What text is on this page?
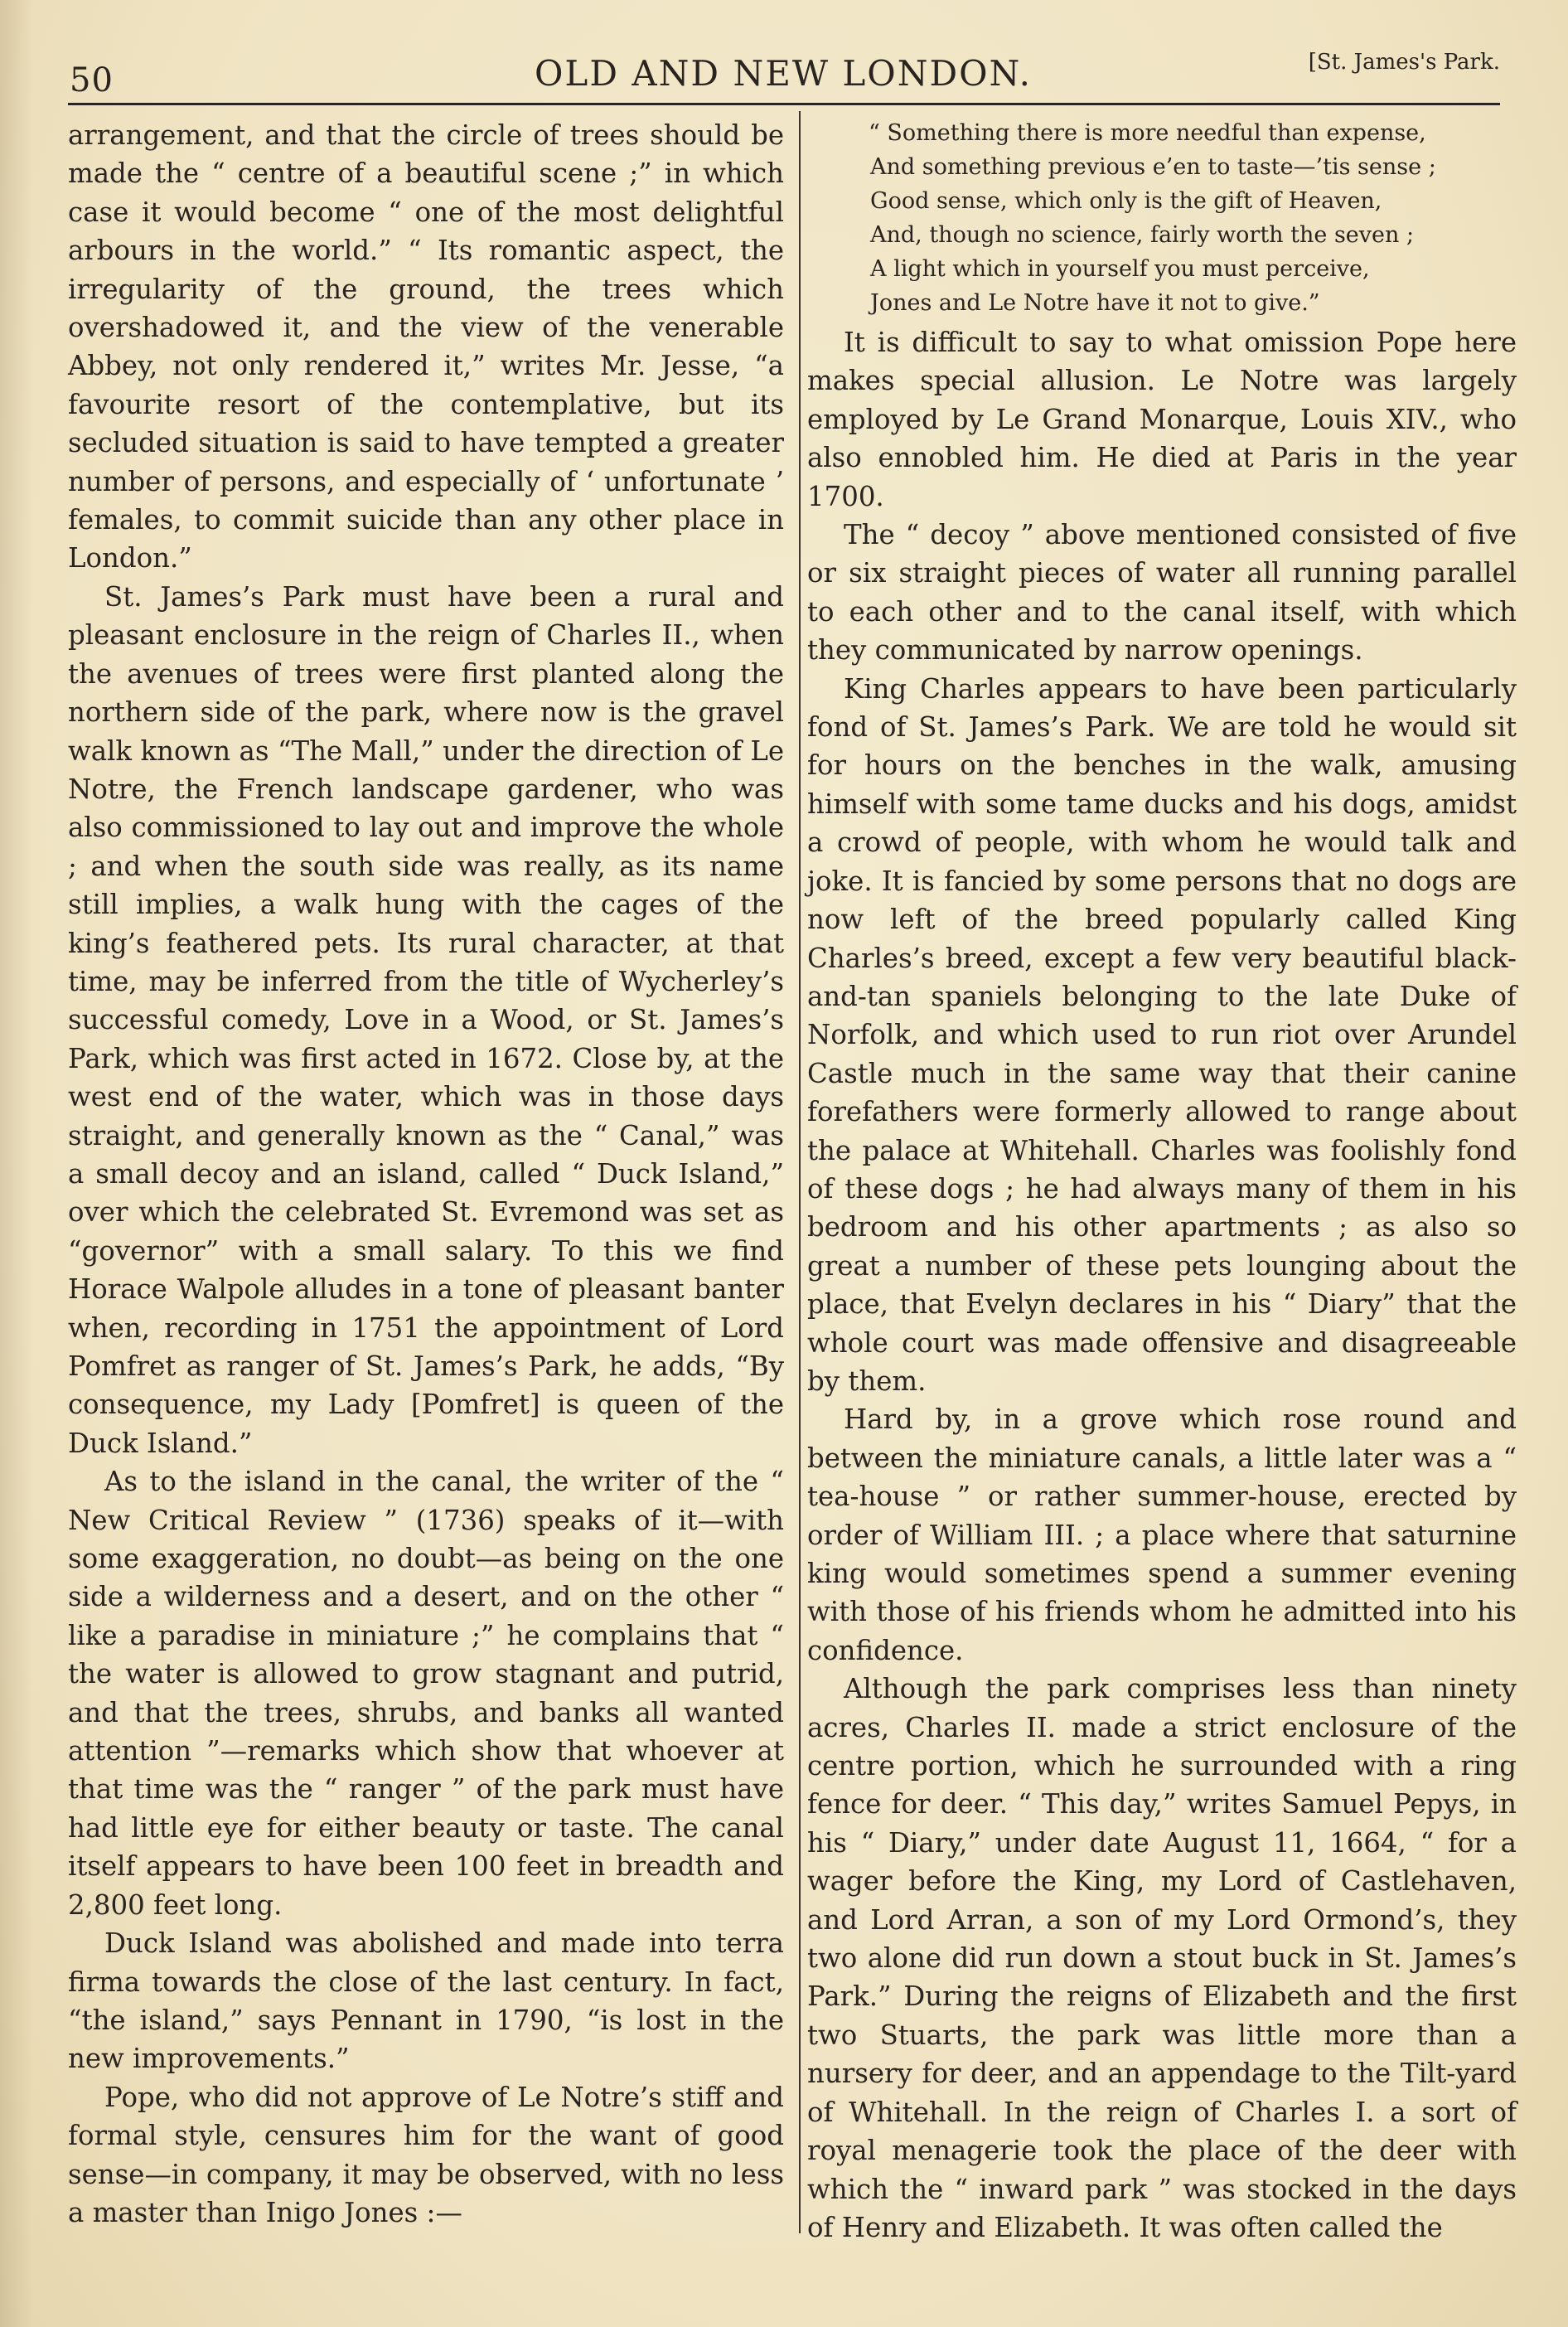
50	OLD AND NEW LONDON.	[St. James's Park.

arrangement, and that the circle of trees should be made the “ centre of a beautiful scene ;” in which case it would become “ one of the most delightful arbours in the world.” “ Its romantic aspect, the irregularity of the ground, the trees which overshadowed it, and the view of the venerable Abbey, not only rendered it,” writes Mr. Jesse, “a favourite resort of the contemplative, but its secluded situation is said to have tempted a greater number of persons, and especially of ‘ unfortunate ’ females, to commit suicide than any other place in London.”

St. James’s Park must have been a rural and pleasant enclosure in the reign of Charles II., when the avenues of trees were first planted along the northern side of the park, where now is the gravel walk known as “The Mall,” under the direction of Le Notre, the French landscape gardener, who was also commissioned to lay out and improve the whole ; and when the south side was really, as its name still implies, a walk hung with the cages of the king’s feathered pets. Its rural character, at that time, may be inferred from the title of Wycherley’s successful comedy, Love in a Wood, or St. James’s Park, which was first acted in 1672. Close by, at the west end of the water, which was in those days straight, and generally known as the “ Canal,” was a small decoy and an island, called “ Duck Island,” over which the celebrated St. Evremond was set as “governor” with a small salary. To this we find Horace Walpole alludes in a tone of pleasant banter when, recording in 1751 the appointment of Lord Pomfret as ranger of St. James’s Park, he adds, “By consequence, my Lady [Pomfret] is queen of the Duck Island.”

As to the island in the canal, the writer of the “ New Critical Review ” (1736) speaks of it—with some exaggeration, no doubt—as being on the one side a wilderness and a desert, and on the other “ like a paradise in miniature ;” he complains that “ the water is allowed to grow stagnant and putrid, and that the trees, shrubs, and banks all wanted attention ”—remarks which show that whoever at that time was the “ ranger ” of the park must have had little eye for either beauty or taste. The canal itself appears to have been 100 feet in breadth and 2,800 feet long.

Duck Island was abolished and made into terra firma towards the close of the last century. In fact, “the island,” says Pennant in 1790, “is lost in the new improvements.”

Pope, who did not approve of Le Notre’s stiff and formal style, censures him for the want of good sense—in company, it may be observed, with no less a master than Inigo Jones :—

“ Something there is more needful than expense,
And something previous e’en to taste—’tis sense ;
Good sense, which only is the gift of Heaven,
And, though no science, fairly worth the seven ;
A light which in yourself you must perceive,
Jones and Le Notre have it not to give.”

It is difficult to say to what omission Pope here makes special allusion. Le Notre was largely employed by Le Grand Monarque, Louis XIV., who also ennobled him. He died at Paris in the year 1700.

The “ decoy ” above mentioned consisted of five or six straight pieces of water all running parallel to each other and to the canal itself, with which they communicated by narrow openings.

King Charles appears to have been particularly fond of St. James’s Park. We are told he would sit for hours on the benches in the walk, amusing himself with some tame ducks and his dogs, amidst a crowd of people, with whom he would talk and joke. It is fancied by some persons that no dogs are now left of the breed popularly called King Charles’s breed, except a few very beautiful black-and-tan spaniels belonging to the late Duke of Norfolk, and which used to run riot over Arundel Castle much in the same way that their canine forefathers were formerly allowed to range about the palace at Whitehall. Charles was foolishly fond of these dogs ; he had always many of them in his bedroom and his other apartments ; as also so great a number of these pets lounging about the place, that Evelyn declares in his “ Diary” that the whole court was made offensive and disagreeable by them.

Hard by, in a grove which rose round and between the miniature canals, a little later was a “ tea-house ” or rather summer-house, erected by order of William III. ; a place where that saturnine king would sometimes spend a summer evening with those of his friends whom he admitted into his confidence.

Although the park comprises less than ninety acres, Charles II. made a strict enclosure of the centre portion, which he surrounded with a ring fence for deer. “ This day,” writes Samuel Pepys, in his “ Diary,” under date August 11, 1664, “ for a wager before the King, my Lord of Castlehaven, and Lord Arran, a son of my Lord Ormond’s, they two alone did run down a stout buck in St. James’s Park.” During the reigns of Elizabeth and the first two Stuarts, the park was little more than a nursery for deer, and an appendage to the Tilt-yard of Whitehall. In the reign of Charles I. a sort of royal menagerie took the place of the deer with which the “ inward park ” was stocked in the days of Henry and Elizabeth. It was often called the
